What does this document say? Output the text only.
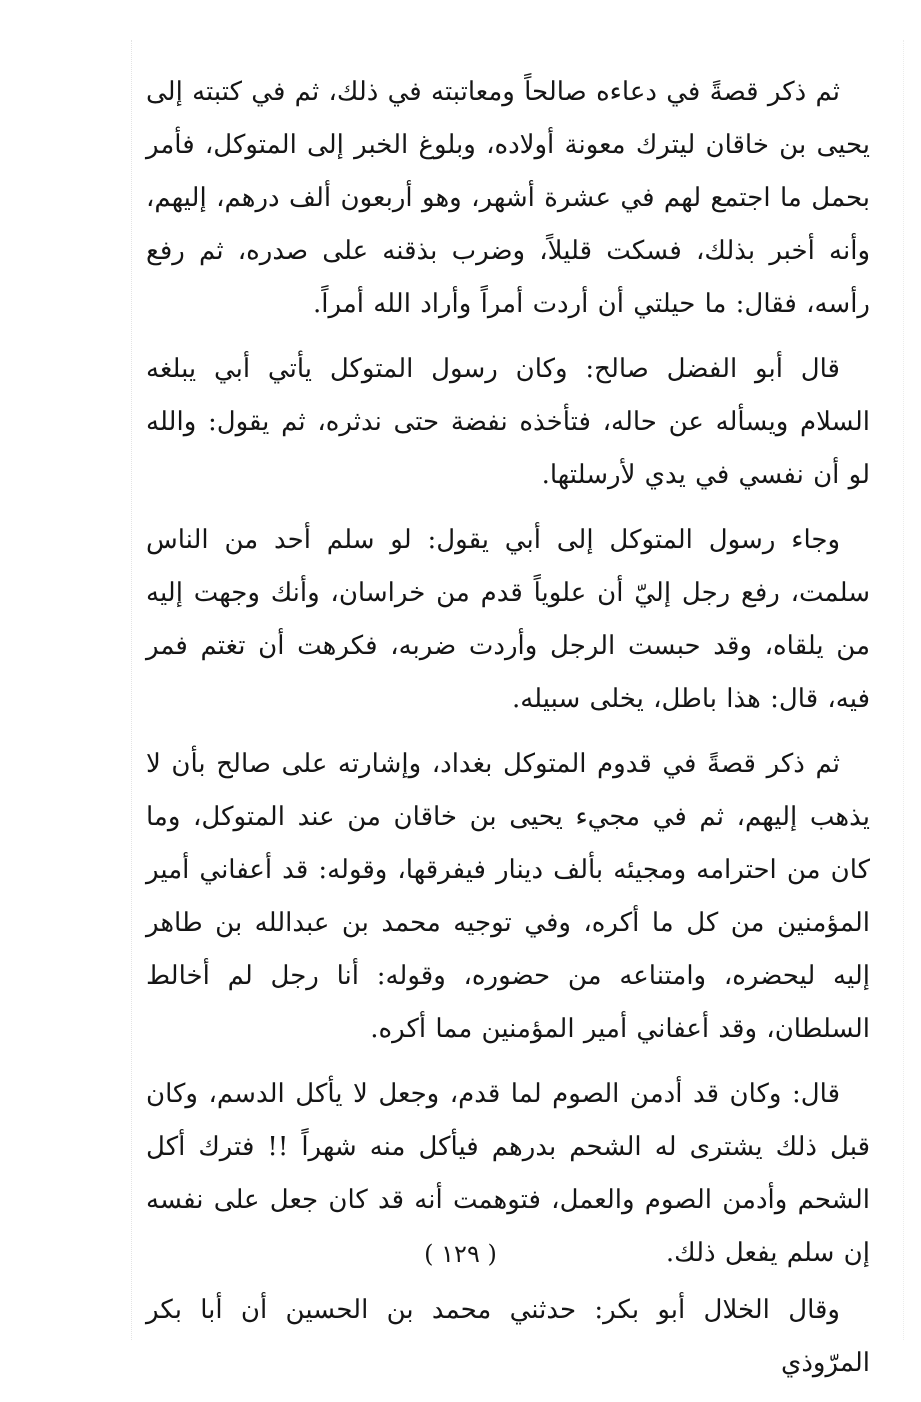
ثم ذكر قصةً في دعاءه صالحاً ومعاتبته في ذلك، ثم في كتبته إلى يحيى بن خاقان ليترك معونة أولاده، وبلوغ الخبر إلى المتوكل، فأمر بحمل ما اجتمع لهم في عشرة أشهر، وهو أربعون ألف درهم، إليهم، وأنه أخبر بذلك، فسكت قليلاً، وضرب بذقنه على صدره، ثم رفع رأسه، فقال: ما حيلتي أن أردت أمراً وأراد الله أمراً.

قال أبو الفضل صالح: وكان رسول المتوكل يأتي أبي يبلغه السلام ويسأله عن حاله، فتأخذه نفضة حتى ندثره، ثم يقول: والله لو أن نفسي في يدي لأرسلتها.

وجاء رسول المتوكل إلى أبي يقول: لو سلم أحد من الناس سلمت، رفع رجل إليّ أن علوياً قدم من خراسان، وأنك وجهت إليه من يلقاه، وقد حبست الرجل وأردت ضربه، فكرهت أن تغتم فمر فيه، قال: هذا باطل، يخلى سبيله.

ثم ذكر قصةً في قدوم المتوكل بغداد، وإشارته على صالح بأن لا يذهب إليهم، ثم في مجيء يحيى بن خاقان من عند المتوكل، وما كان من احترامه ومجيئه بألف دينار فيفرقها، وقوله: قد أعفاني أمير المؤمنين من كل ما أكره، وفي توجيه محمد بن عبدالله بن طاهر إليه ليحضره، وامتناعه من حضوره، وقوله: أنا رجل لم أخالط السلطان، وقد أعفاني أمير المؤمنين مما أكره.

قال: وكان قد أدمن الصوم لما قدم، وجعل لا يأكل الدسم، وكان قبل ذلك يشترى له الشحم بدرهم فيأكل منه شهراً !! فترك أكل الشحم وأدمن الصوم والعمل، فتوهمت أنه قد كان جعل على نفسه إن سلم يفعل ذلك.

وقال الخلال أبو بكر: حدثني محمد بن الحسين أن أبا بكر المرّوذي

( ١٢٩ )
